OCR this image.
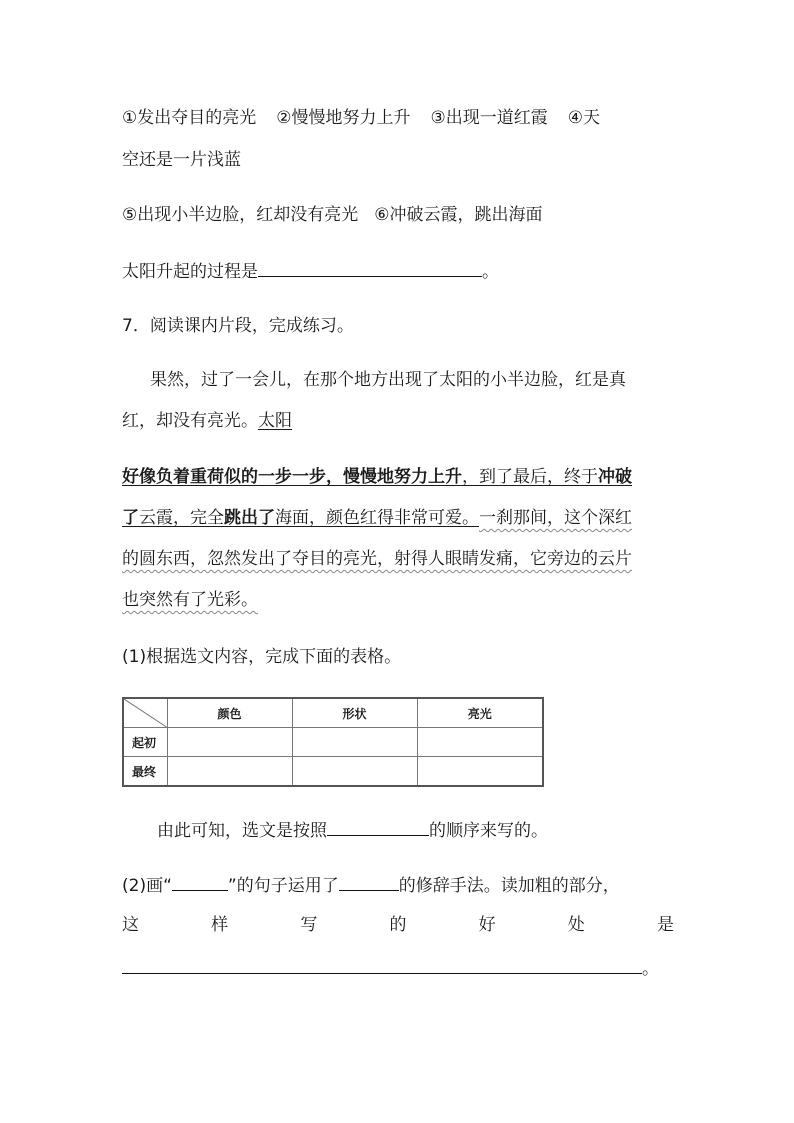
①发出夺目的亮光 ②慢慢地努力上升 ③出现一道红霞 ④天
空还是一片浅蓝
⑤出现小半边脸，红却没有亮光 ⑥冲破云霞，跳出海面
太阳升起的过程是	。
7．阅读课内片段，完成练习。
果然，过了一会儿，在那个地方出现了太阳的小半边脸，红是真
红，却没有亮光。太阳
好像负着重荷似的一步一步，慢慢地努力上升，到了最后，终于冲破
了云霞，完全跳出了海面，颜色红得非常可爱。一刹那间，这个深红
的圆东西，忽然发出了夺目的亮光，射得人眼睛发痛，它旁边的云片
也突然有了光彩。
(1)根据选文内容，完成下面的表格。
	颜色	形状	亮光
起初			
最终			
由此可知，选文是按照	的顺序来写的。
(2)画“	”的句子运用了	的修辞手法。读加粗的部分，
这	样	写	的	好	处	是
。
